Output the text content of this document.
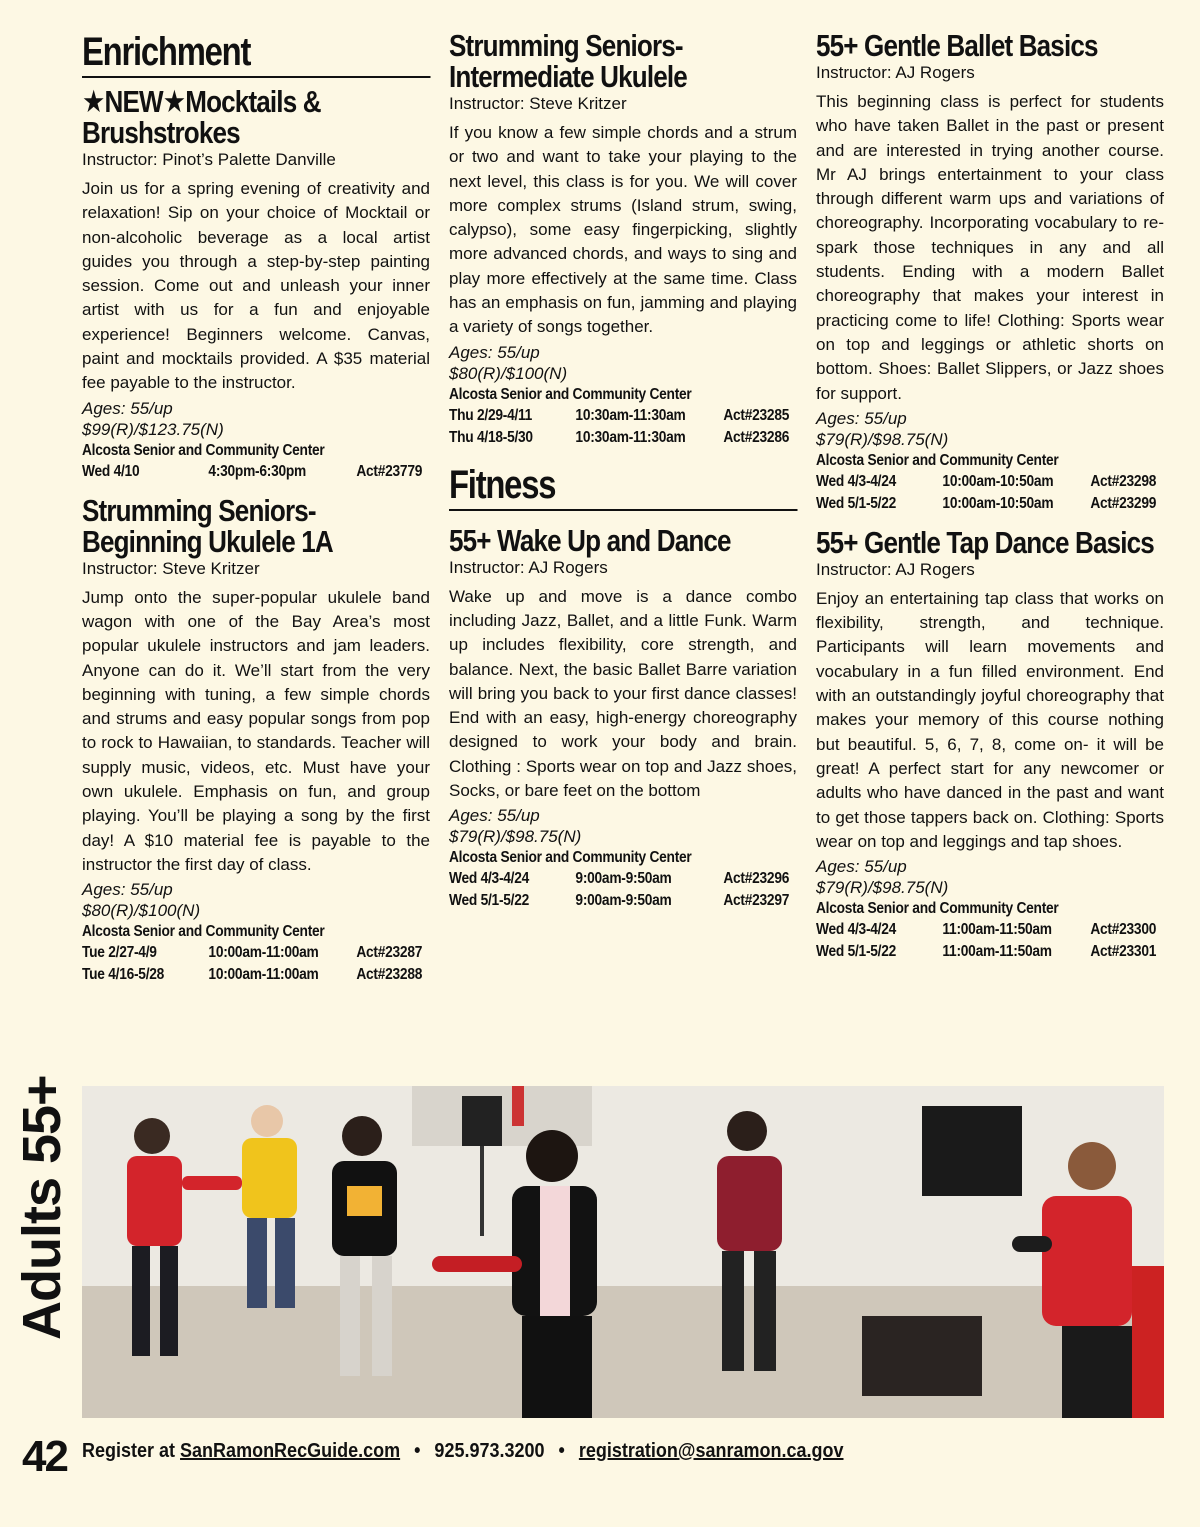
Enrichment
★NEW★Mocktails & Brushstrokes
Instructor: Pinot’s Palette Danville
Join us for a spring evening of creativity and relaxation! Sip on your choice of Mocktail or non-alcoholic beverage as a local artist guides you through a step-by-step painting session. Come out and unleash your inner artist with us for a fun and enjoyable experience! Beginners welcome. Canvas, paint and mocktails provided. A $35 material fee payable to the instructor.
Ages: 55/up
$99(R)/$123.75(N)
Alcosta Senior and Community Center
Wed 4/10	4:30pm-6:30pm	Act#23779
Strumming Seniors-Beginning Ukulele 1A
Instructor: Steve Kritzer
Jump onto the super-popular ukulele band wagon with one of the Bay Area’s most popular ukulele instructors and jam leaders. Anyone can do it. We’ll start from the very beginning with tuning, a few simple chords and strums and easy popular songs from pop to rock to Hawaiian, to standards. Teacher will supply music, videos, etc. Must have your own ukulele. Emphasis on fun, and group playing. You’ll be playing a song by the first day! A $10 material fee is payable to the instructor the first day of class.
Ages: 55/up
$80(R)/$100(N)
Alcosta Senior and Community Center
Tue 2/27-4/9	10:00am-11:00am	Act#23287
Tue 4/16-5/28	10:00am-11:00am	Act#23288
Strumming Seniors-Intermediate Ukulele
Instructor: Steve Kritzer
If you know a few simple chords and a strum or two and want to take your playing to the next level, this class is for you. We will cover more complex strums (Island strum, swing, calypso), some easy fingerpicking, slightly more advanced chords, and ways to sing and play more effectively at the same time. Class has an emphasis on fun, jamming and playing a variety of songs together.
Ages: 55/up
$80(R)/$100(N)
Alcosta Senior and Community Center
Thu 2/29-4/11	10:30am-11:30am	Act#23285
Thu 4/18-5/30	10:30am-11:30am	Act#23286
Fitness
55+ Wake Up and Dance
Instructor: AJ Rogers
Wake up and move is a dance combo including Jazz, Ballet, and a little Funk. Warm up includes flexibility, core strength, and balance. Next, the basic Ballet Barre variation will bring you back to your first dance classes! End with an easy, high-energy choreography designed to work your body and brain. Clothing : Sports wear on top and Jazz shoes, Socks, or bare feet on the bottom
Ages: 55/up
$79(R)/$98.75(N)
Alcosta Senior and Community Center
Wed 4/3-4/24	9:00am-9:50am	Act#23296
Wed 5/1-5/22	9:00am-9:50am	Act#23297
55+ Gentle Ballet Basics
Instructor: AJ Rogers
This beginning class is perfect for students who have taken Ballet in the past or present and are interested in trying another course. Mr AJ brings entertainment to your class through different warm ups and variations of choreography. Incorporating vocabulary to re-spark those techniques in any and all students. Ending with a modern Ballet choreography that makes your interest in practicing come to life! Clothing: Sports wear on top and leggings or athletic shorts on bottom. Shoes: Ballet Slippers, or Jazz shoes for support.
Ages: 55/up
$79(R)/$98.75(N)
Alcosta Senior and Community Center
Wed 4/3-4/24	10:00am-10:50am	Act#23298
Wed 5/1-5/22	10:00am-10:50am	Act#23299
55+ Gentle Tap Dance Basics
Instructor: AJ Rogers
Enjoy an entertaining tap class that works on flexibility, strength, and technique. Participants will learn movements and vocabulary in a fun filled environment. End with an outstandingly joyful choreography that makes your memory of this course nothing but beautiful. 5, 6, 7, 8, come on- it will be great! A perfect start for any newcomer or adults who have danced in the past and want to get those tappers back on. Clothing: Sports wear on top and leggings and tap shoes.
Ages: 55/up
$79(R)/$98.75(N)
Alcosta Senior and Community Center
Wed 4/3-4/24	11:00am-11:50am	Act#23300
Wed 5/1-5/22	11:00am-11:50am	Act#23301
Adults 55+
42 Register at SanRamonRecGuide.com • 925.973.3200 • registration@sanramon.ca.gov
